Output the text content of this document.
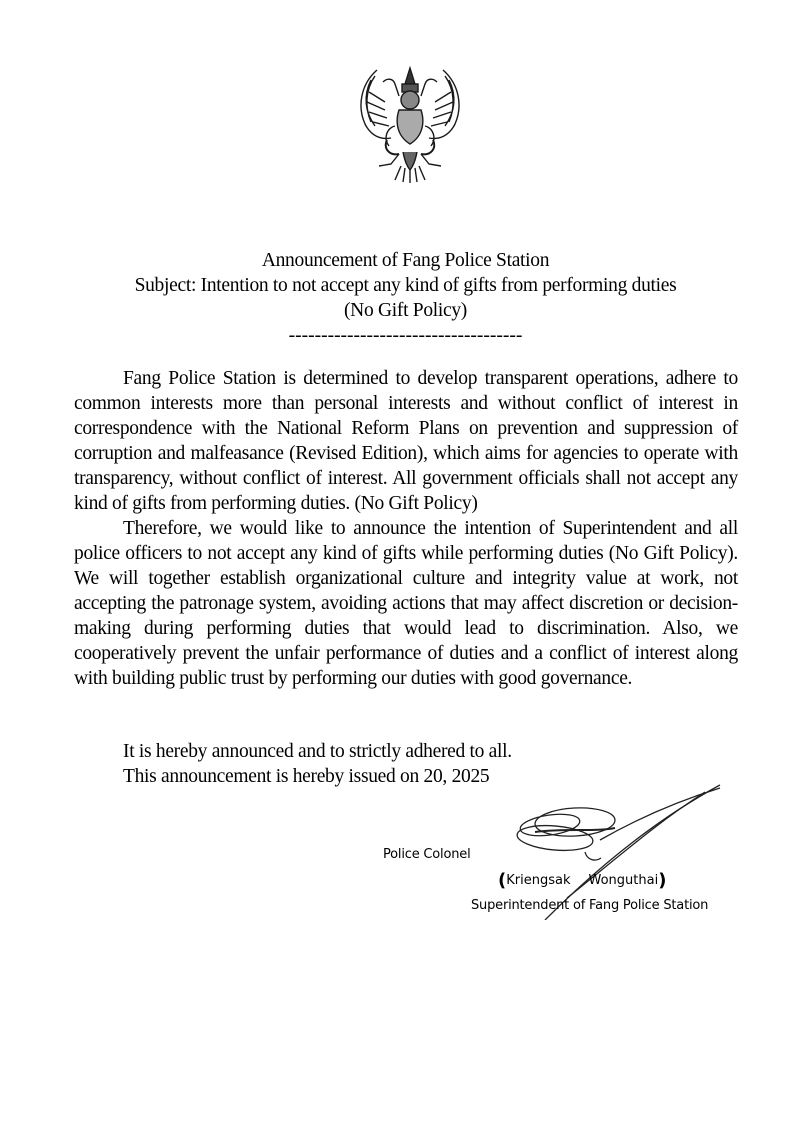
Announcement of Fang Police Station
Subject: Intention to not accept any kind of gifts from performing duties
(No Gift Policy)
------------------------------------

Fang Police Station is determined to develop transparent operations, adhere to common interests more than personal interests and without conflict of interest in correspondence with the National Reform Plans on prevention and suppression of corruption and malfeasance (Revised Edition), which aims for agencies to operate with transparency, without conflict of interest. All government officials shall not accept any kind of gifts from performing duties. (No Gift Policy)

Therefore, we would like to announce the intention of Superintendent and all police officers to not accept any kind of gifts while performing duties (No Gift Policy). We will together establish organizational culture and integrity value at work, not accepting the patronage system, avoiding actions that may affect discretion or decision-making during performing duties that would lead to discrimination. Also, we cooperatively prevent the unfair performance of duties and a conflict of interest along with building public trust by performing our duties with good governance.

It is hereby announced and to strictly adhered to all.
This announcement is hereby issued on 20, 2025
Police Colonel
(Kriengsak Wonguthai)
Superintendent of Fang Police Station
